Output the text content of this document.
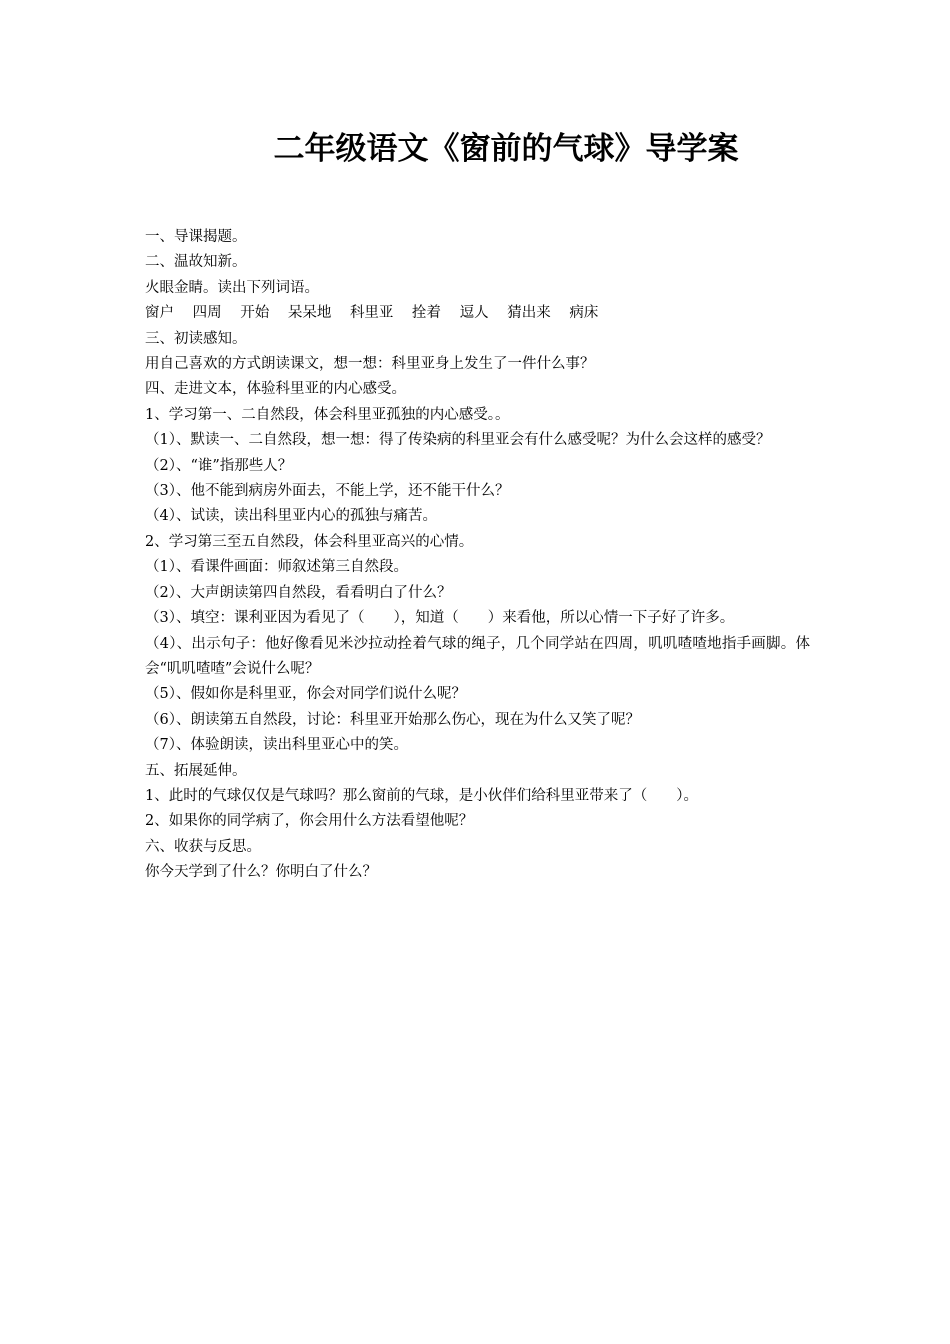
二年级语文《窗前的气球》导学案
一、导课揭题。
二、温故知新。
火眼金睛。读出下列词语。
窗户 四周 开始 呆呆地 科里亚 拴着 逗人 猜出来 病床
三、初读感知。
用自己喜欢的方式朗读课文，想一想：科里亚身上发生了一件什么事？
四、走进文本，体验科里亚的内心感受。
1、学习第一、二自然段，体会科里亚孤独的内心感受。。
（1）、默读一、二自然段，想一想：得了传染病的科里亚会有什么感受呢？为什么会这样的感受？
（2）、“谁”指那些人？
（3）、他不能到病房外面去，不能上学，还不能干什么？
（4）、试读，读出科里亚内心的孤独与痛苦。
2、学习第三至五自然段，体会科里亚高兴的心情。
（1）、看课件画面：师叙述第三自然段。
（2）、大声朗读第四自然段，看看明白了什么？
（3）、填空：课利亚因为看见了（　　），知道（　　）来看他，所以心情一下子好了许多。
（4）、出示句子：他好像看见米沙拉动拴着气球的绳子，几个同学站在四周，叽叽喳喳地指手画脚。体会“叽叽喳喳”会说什么呢？
（5）、假如你是科里亚，你会对同学们说什么呢？
（6）、朗读第五自然段，讨论：科里亚开始那么伤心，现在为什么又笑了呢？
（7）、体验朗读，读出科里亚心中的笑。
五、拓展延伸。
1、此时的气球仅仅是气球吗？那么窗前的气球，是小伙伴们给科里亚带来了（　　）。
2、如果你的同学病了，你会用什么方法看望他呢？
六、收获与反思。
你今天学到了什么？你明白了什么？
